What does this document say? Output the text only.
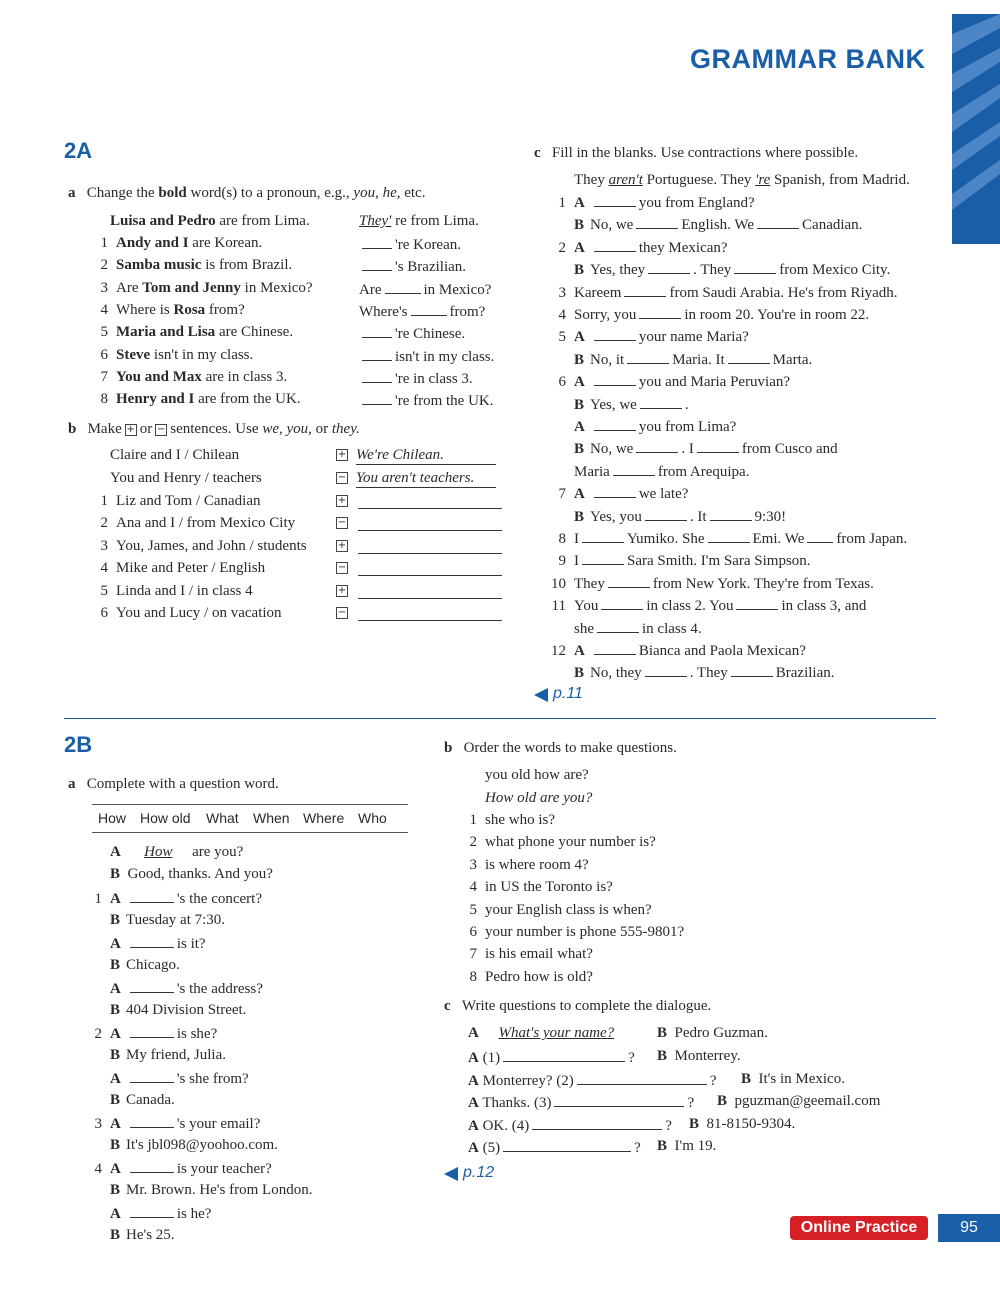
GRAMMAR BANK
2A
a Change the bold word(s) to a pronoun, e.g., you, he, etc.
Luisa and Pedro are from Lima.	They' re from Lima.
1 Andy and I are Korean.	're Korean.
2 Samba music is from Brazil.	's Brazilian.
3 Are Tom and Jenny in Mexico?	Are	in Mexico?
4 Where is Rosa from?	Where's	from?
5 Maria and Lisa are Chinese.	're Chinese.
6 Steve isn't in my class.	isn't in my class.
7 You and Max are in class 3.	're in class 3.
8 Henry and I are from the UK.	're from the UK.
b Make + or − sentences. Use we, you, or they.
Claire and I / Chilean	+ We're Chilean.
You and Henry / teachers	− You aren't teachers.
1 Liz and Tom / Canadian	+
2 Ana and I / from Mexico City	−
3 You, James, and John / students	+
4 Mike and Peter / English	−
5 Linda and I / in class 4	+
6 You and Lucy / on vacation	−
c Fill in the blanks. Use contractions where possible.
They aren't Portuguese. They 're Spanish, from Madrid.
1 A	you from England?
B No, we	English. We	Canadian.
2 A	they Mexican?
B Yes, they	. They	from Mexico City.
3 Kareem	from Saudi Arabia. He's from Riyadh.
4 Sorry, you	in room 20. You're in room 22.
5 A	your name Maria?
B No, it	Maria. It	Marta.
6 A	you and Maria Peruvian?
B Yes, we	.
A	you from Lima?
B No, we	. I	from Cusco and
Maria	from Arequipa.
7 A	we late?
B Yes, you	. It	9:30!
8 I	Yumiko. She	Emi. We from Japan.
9 I	Sara Smith. I'm Sara Simpson.
10 They	from New York. They're from Texas.
11 You	in class 2. You	in class 3, and
she	in class 4.
12 A	Bianca and Paola Mexican?
B No, they	. They	Brazilian.
p.11
2B
a Complete with a question word.
How How old What When Where Who
A How are you?
B Good, thanks. And you?
1 A	's the concert?
B Tuesday at 7:30.
A	is it?
B Chicago.
A	's the address?
B 404 Division Street.
2 A	is she?
B My friend, Julia.
A	's she from?
B Canada.
3 A	's your email?
B It's jbl098@yoohoo.com.
4 A	is your teacher?
B Mr. Brown. He's from London.
A	is he?
B He's 25.
b Order the words to make questions.
you old how are?
How old are you?
1 she who is?
2 what phone your number is?
3 is where room 4?
4 in US the Toronto is?
5 your English class is when?
6 your number is phone 555-9801?
7 is his email what?
8 Pedro how is old?
c Write questions to complete the dialogue.
A What's your name?	B Pedro Guzman.
A (1)	? B Monterrey.
A Monterrey? (2)	? B It's in Mexico.
A Thanks. (3)	? B pguzman@geemail.com
A OK. (4)	? B 81-8150-9304.
A (5)	? B I'm 19.
p.12
Online Practice	95
